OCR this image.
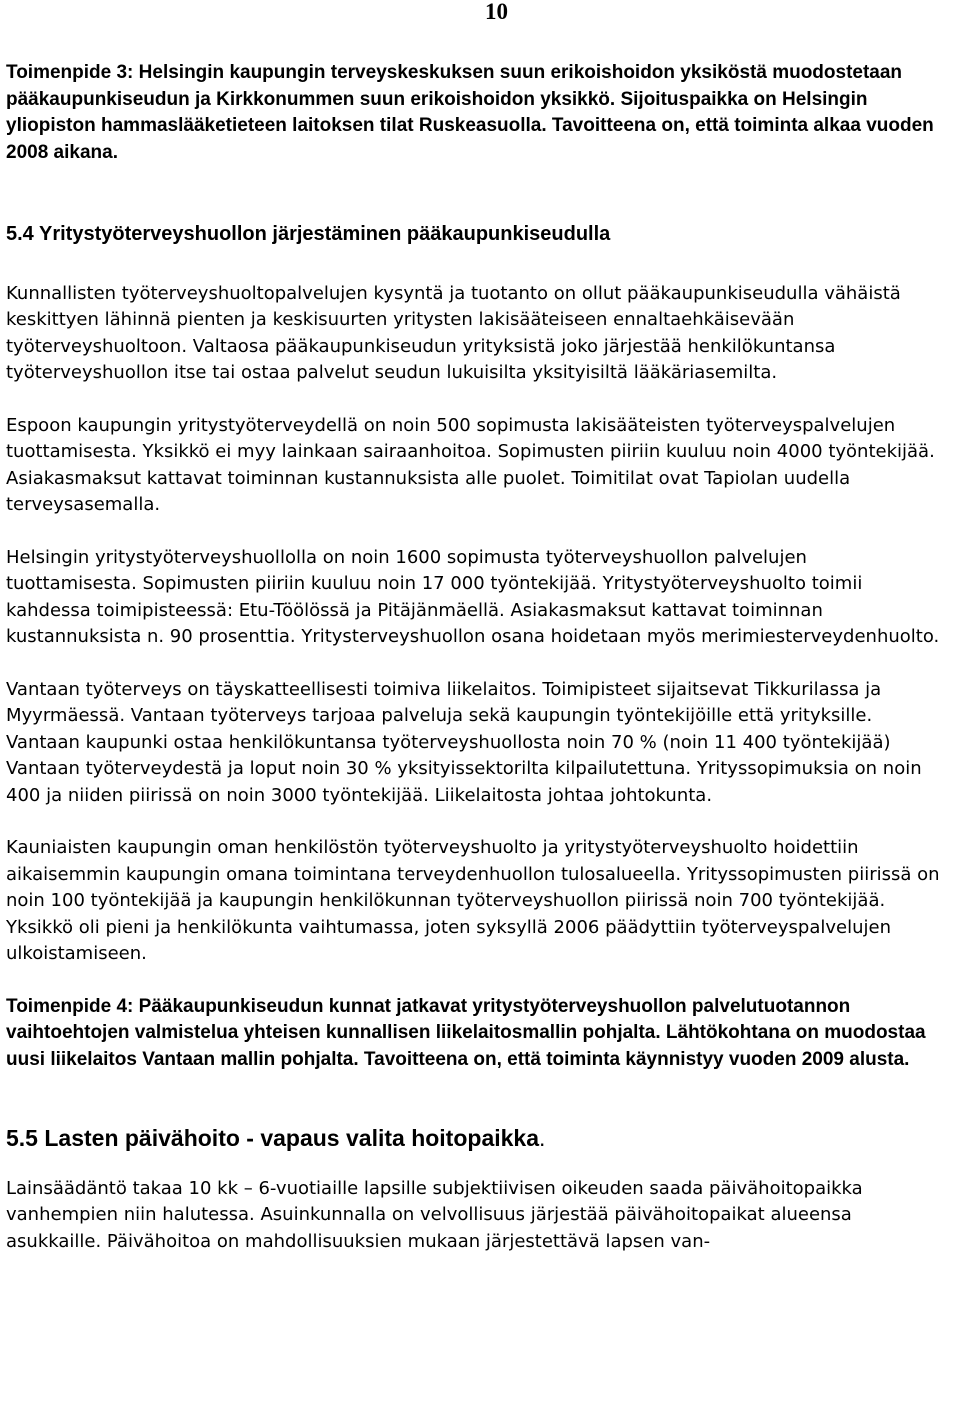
10

Toimenpide 3: Helsingin kaupungin terveyskeskuksen suun erikoishoidon yksiköstä muodostetaan pääkaupunkiseudun ja Kirkkonummen suun erikoishoidon yksikkö. Sijoituspaikka on Helsingin yliopiston hammaslääketieteen laitoksen tilat Ruskeasuolla. Tavoitteena on, että toiminta alkaa vuoden 2008 aikana.

5.4 Yritystyöterveyshuollon järjestäminen pääkaupunkiseudulla

Kunnallisten työterveyshuoltopalvelujen kysyntä ja tuotanto on ollut pääkaupunkiseudulla vähäistä keskittyen lähinnä pienten ja keskisuurten yritysten lakisääteiseen ennaltaehkäisevään työterveyshuoltoon. Valtaosa pääkaupunkiseudun yrityksistä joko järjestää henkilökuntansa työterveyshuollon itse tai ostaa palvelut seudun lukuisilta yksityisiltä lääkäriasemilta.

Espoon kaupungin yritystyöterveydellä on noin 500 sopimusta lakisääteisten työterveyspalvelujen tuottamisesta. Yksikkö ei myy lainkaan sairaanhoitoa. Sopimusten piiriin kuuluu noin 4000 työntekijää. Asiakasmaksut kattavat toiminnan kustannuksista alle puolet. Toimitilat ovat Tapiolan uudella terveysasemalla.

Helsingin yritystyöterveyshuollolla on noin 1600 sopimusta työterveyshuollon palvelujen tuottamisesta. Sopimusten piiriin kuuluu noin 17 000 työntekijää. Yritystyöterveyshuolto toimii kahdessa toimipisteessä: Etu-Töölössä ja Pitäjänmäellä. Asiakasmaksut kattavat toiminnan kustannuksista n. 90 prosenttia. Yritysterveyshuollon osana hoidetaan myös merimiesterveydenhuolto.

Vantaan työterveys on täyskatteellisesti toimiva liikelaitos. Toimipisteet sijaitsevat Tikkurilassa ja Myyrmäessä. Vantaan työterveys tarjoaa palveluja sekä kaupungin työntekijöille että yrityksille. Vantaan kaupunki ostaa henkilökuntansa työterveyshuollosta noin 70 % (noin 11 400 työntekijää) Vantaan työterveydestä ja loput noin 30 % yksityissektorilta kilpailutettuna. Yrityssopimuksia on noin 400 ja niiden piirissä on noin 3000 työntekijää. Liikelaitosta johtaa johtokunta.

Kauniaisten kaupungin oman henkilöstön työterveyshuolto ja yritystyöterveyshuolto hoidettiin aikaisemmin kaupungin omana toimintana terveydenhuollon tulosalueella. Yrityssopimusten piirissä on noin 100 työntekijää ja kaupungin henkilökunnan työterveyshuollon piirissä noin 700 työntekijää. Yksikkö oli pieni ja henkilökunta vaihtumassa, joten syksyllä 2006 päädyttiin työterveyspalvelujen ulkoistamiseen.

Toimenpide 4: Pääkaupunkiseudun kunnat jatkavat yritystyöterveyshuollon palvelutuotannon vaihtoehtojen valmistelua yhteisen kunnallisen liikelaitosmallin pohjalta. Lähtökohtana on muodostaa uusi liikelaitos Vantaan mallin pohjalta. Tavoitteena on, että toiminta käynnistyy vuoden 2009 alusta.

5.5 Lasten päivähoito - vapaus valita hoitopaikka.

Lainsäädäntö takaa 10 kk – 6-vuotiaille lapsille subjektiivisen oikeuden saada päivähoitopaikka vanhempien niin halutessa. Asuinkunnalla on velvollisuus järjestää päivähoitopaikat alueensa asukkaille. Päivähoitoa on mahdollisuuksien mukaan järjestettävä lapsen van-
